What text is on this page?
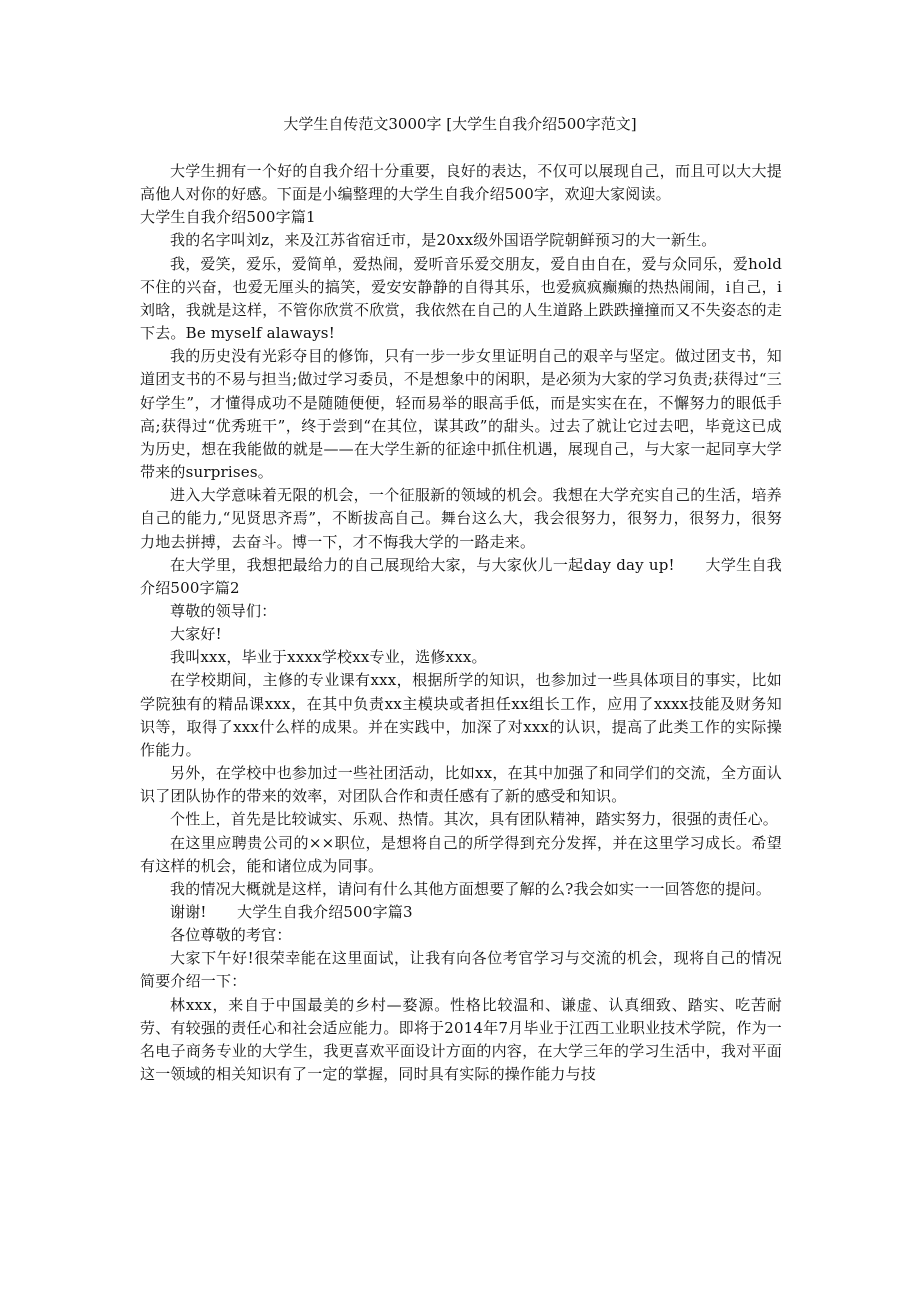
大学生自传范文3000字 [大学生自我介绍500字范文]

大学生拥有一个好的自我介绍十分重要，良好的表达，不仅可以展现自己，而且可以大大提高他人对你的好感。下面是小编整理的大学生自我介绍500字，欢迎大家阅读。

大学生自我介绍500字篇1

我的名字叫刘z，来及江苏省宿迁市，是20xx级外国语学院朝鲜预习的大一新生。

我，爱笑，爱乐，爱简单，爱热闹，爱听音乐爱交朋友，爱自由自在，爱与众同乐，爱hold不住的兴奋，也爱无厘头的搞笑，爱安安静静的自得其乐，也爱疯疯癫癫的热热闹闹，i自己，i刘晗，我就是这样，不管你欣赏不欣赏，我依然在自己的人生道路上跌跌撞撞而又不失姿态的走下去。Be myself alaways!

我的历史没有光彩夺目的修饰，只有一步一步女里证明自己的艰辛与坚定。做过团支书，知道团支书的不易与担当;做过学习委员，不是想象中的闲职，是必须为大家的学习负责;获得过“三好学生”，才懂得成功不是随随便便，轻而易举的眼高手低，而是实实在在，不懈努力的眼低手高;获得过“优秀班干”，终于尝到“在其位，谋其政”的甜头。过去了就让它过去吧，毕竟这已成为历史，想在我能做的就是——在大学生新的征途中抓住机遇，展现自己，与大家一起同享大学带来的surprises。

进入大学意味着无限的机会，一个征服新的领域的机会。我想在大学充实自己的生活，培养自己的能力,“见贤思齐焉”，不断拔高自己。舞台这么大，我会很努力，很努力，很努力，很努力地去拼搏，去奋斗。博一下，才不悔我大学的一路走来。

在大学里，我想把最给力的自己展现给大家，与大家伙儿一起day day up!　　大学生自我介绍500字篇2

尊敬的领导们：

大家好!

我叫xxx，毕业于xxxx学校xx专业，选修xxx。

在学校期间，主修的专业课有xxx，根据所学的知识，也参加过一些具体项目的事实，比如学院独有的精品课xxx，在其中负责xx主模块或者担任xx组长工作，应用了xxxx技能及财务知识等，取得了xxx什么样的成果。并在实践中，加深了对xxx的认识，提高了此类工作的实际操作能力。

另外，在学校中也参加过一些社团活动，比如xx，在其中加强了和同学们的交流，全方面认识了团队协作的带来的效率，对团队合作和责任感有了新的感受和知识。

个性上，首先是比较诚实、乐观、热情。其次，具有团队精神，踏实努力，很强的责任心。

在这里应聘贵公司的××职位，是想将自己的所学得到充分发挥，并在这里学习成长。希望有这样的机会，能和诸位成为同事。

我的情况大概就是这样，请问有什么其他方面想要了解的么?我会如实一一回答您的提问。

谢谢!　　大学生自我介绍500字篇3

各位尊敬的考官：

大家下午好!很荣幸能在这里面试，让我有向各位考官学习与交流的机会，现将自己的情况简要介绍一下：

林xxx，来自于中国最美的乡村—婺源。性格比较温和、谦虚、认真细致、踏实、吃苦耐劳、有较强的责任心和社会适应能力。即将于2014年7月毕业于江西工业职业技术学院，作为一名电子商务专业的大学生，我更喜欢平面设计方面的内容，在大学三年的学习生活中，我对平面这一领域的相关知识有了一定的掌握，同时具有实际的操作能力与技
